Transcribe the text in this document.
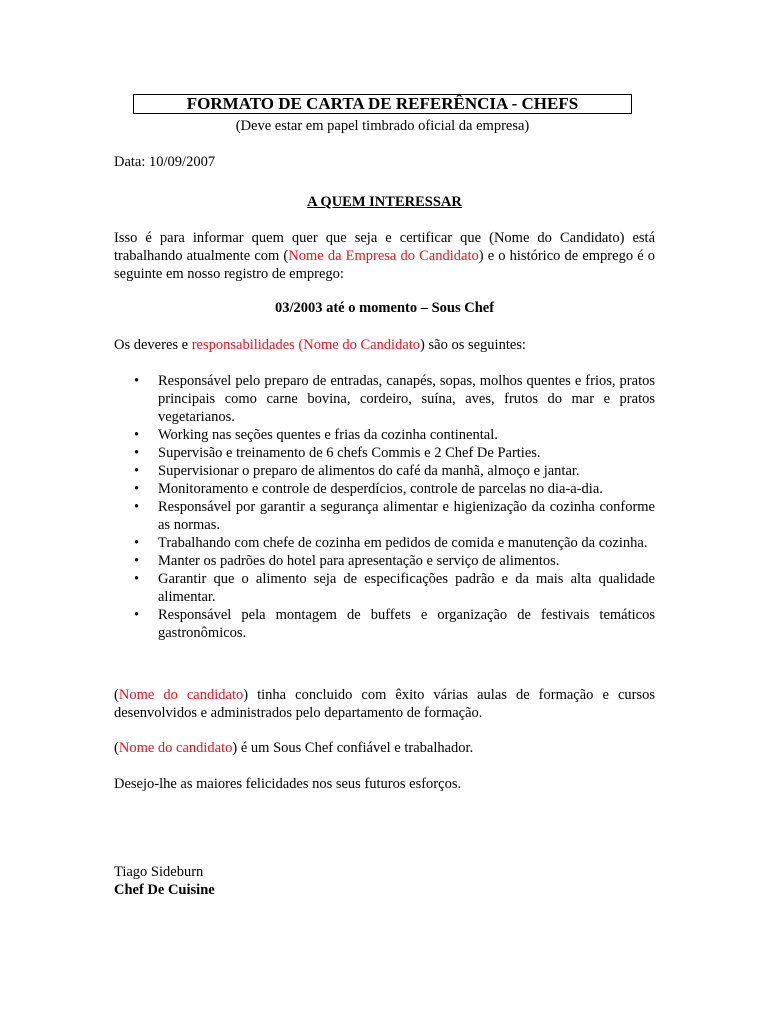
FORMATO DE CARTA DE REFERÊNCIA - CHEFS
(Deve estar em papel timbrado oficial da empresa)

Data: 10/09/2007

A QUEM INTERESSAR

Isso é para informar quem quer que seja e certificar que (Nome do Candidato) está trabalhando atualmente com (Nome da Empresa do Candidato) e o histórico de emprego é o seguinte em nosso registro de emprego:

03/2003 até o momento – Sous Chef

Os deveres e responsabilidades (Nome do Candidato) são os seguintes:

• Responsável pelo preparo de entradas, canapés, sopas, molhos quentes e frios, pratos principais como carne bovina, cordeiro, suína, aves, frutos do mar e pratos vegetarianos.
• Working nas seções quentes e frias da cozinha continental.
• Supervisão e treinamento de 6 chefs Commis e 2 Chef De Parties.
• Supervisionar o preparo de alimentos do café da manhã, almoço e jantar.
• Monitoramento e controle de desperdícios, controle de parcelas no dia-a-dia.
• Responsável por garantir a segurança alimentar e higienização da cozinha conforme as normas.
• Trabalhando com chefe de cozinha em pedidos de comida e manutenção da cozinha.
• Manter os padrões do hotel para apresentação e serviço de alimentos.
• Garantir que o alimento seja de especificações padrão e da mais alta qualidade alimentar.
• Responsável pela montagem de buffets e organização de festivais temáticos gastronômicos.

(Nome do candidato) tinha concluido com êxito várias aulas de formação e cursos desenvolvidos e administrados pelo departamento de formação.

(Nome do candidato) é um Sous Chef confiável e trabalhador.

Desejo-lhe as maiores felicidades nos seus futuros esforços.

Tiago Sideburn

Chef De Cuisine
